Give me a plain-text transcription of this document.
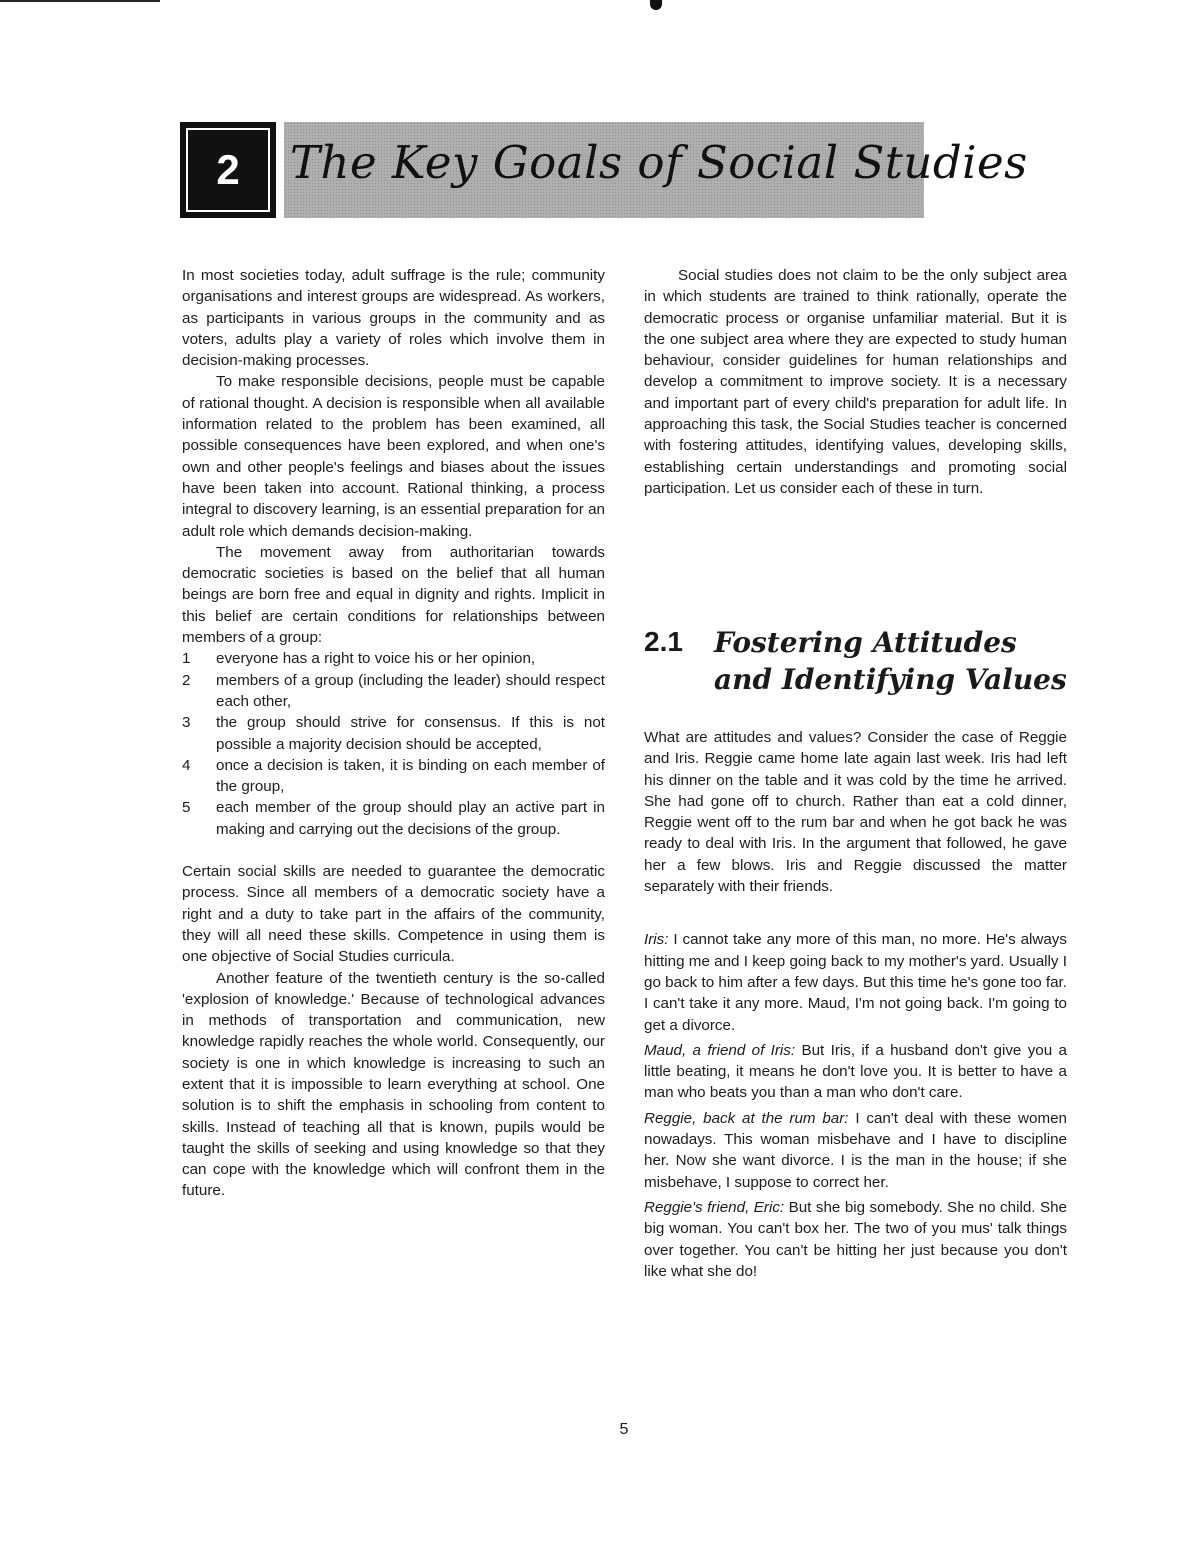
2	The Key Goals of Social Studies

In most societies today, adult suffrage is the rule; community organisations and interest groups are widespread. As workers, as participants in various groups in the community and as voters, adults play a variety of roles which involve them in decision-making processes.

To make responsible decisions, people must be capable of rational thought. A decision is responsible when all available information related to the problem has been examined, all possible consequences have been explored, and when one's own and other people's feelings and biases about the issues have been taken into account. Rational thinking, a process integral to discovery learning, is an essential preparation for an adult role which demands decision-making.

The movement away from authoritarian towards democratic societies is based on the belief that all human beings are born free and equal in dignity and rights. Implicit in this belief are certain conditions for relationships between members of a group:

1 everyone has a right to voice his or her opinion,
2 members of a group (including the leader) should respect each other,
3 the group should strive for consensus. If this is not possible a majority decision should be accepted,
4 once a decision is taken, it is binding on each member of the group,
5 each member of the group should play an active part in making and carrying out the decisions of the group.

Certain social skills are needed to guarantee the democratic process. Since all members of a democratic society have a right and a duty to take part in the affairs of the community, they will all need these skills. Competence in using them is one objective of Social Studies curricula.

Another feature of the twentieth century is the so-called 'explosion of knowledge.' Because of technological advances in methods of transportation and communication, new knowledge rapidly reaches the whole world. Consequently, our society is one in which knowledge is increasing to such an extent that it is impossible to learn everything at school. One solution is to shift the emphasis in schooling from content to skills. Instead of teaching all that is known, pupils would be taught the skills of seeking and using knowledge so that they can cope with the knowledge which will confront them in the future.

Social studies does not claim to be the only subject area in which students are trained to think rationally, operate the democratic process or organise unfamiliar material. But it is the one subject area where they are expected to study human behaviour, consider guidelines for human relationships and develop a commitment to improve society. It is a necessary and important part of every child's preparation for adult life. In approaching this task, the Social Studies teacher is concerned with fostering attitudes, identifying values, developing skills, establishing certain understandings and promoting social participation. Let us consider each of these in turn.

2.1 Fostering Attitudes and Identifying Values

What are attitudes and values? Consider the case of Reggie and Iris. Reggie came home late again last week. Iris had left his dinner on the table and it was cold by the time he arrived. She had gone off to church. Rather than eat a cold dinner, Reggie went off to the rum bar and when he got back he was ready to deal with Iris. In the argument that followed, he gave her a few blows. Iris and Reggie discussed the matter separately with their friends.

Iris: I cannot take any more of this man, no more. He's always hitting me and I keep going back to my mother's yard. Usually I go back to him after a few days. But this time he's gone too far. I can't take it any more. Maud, I'm not going back. I'm going to get a divorce.

Maud, a friend of Iris: But Iris, if a husband don't give you a little beating, it means he don't love you. It is better to have a man who beats you than a man who don't care.

Reggie, back at the rum bar: I can't deal with these women nowadays. This woman misbehave and I have to discipline her. Now she want divorce. I is the man in the house; if she misbehave, I suppose to correct her.

Reggie's friend, Eric: But she big somebody. She no child. She big woman. You can't box her. The two of you mus' talk things over together. You can't be hitting her just because you don't like what she do!

5
